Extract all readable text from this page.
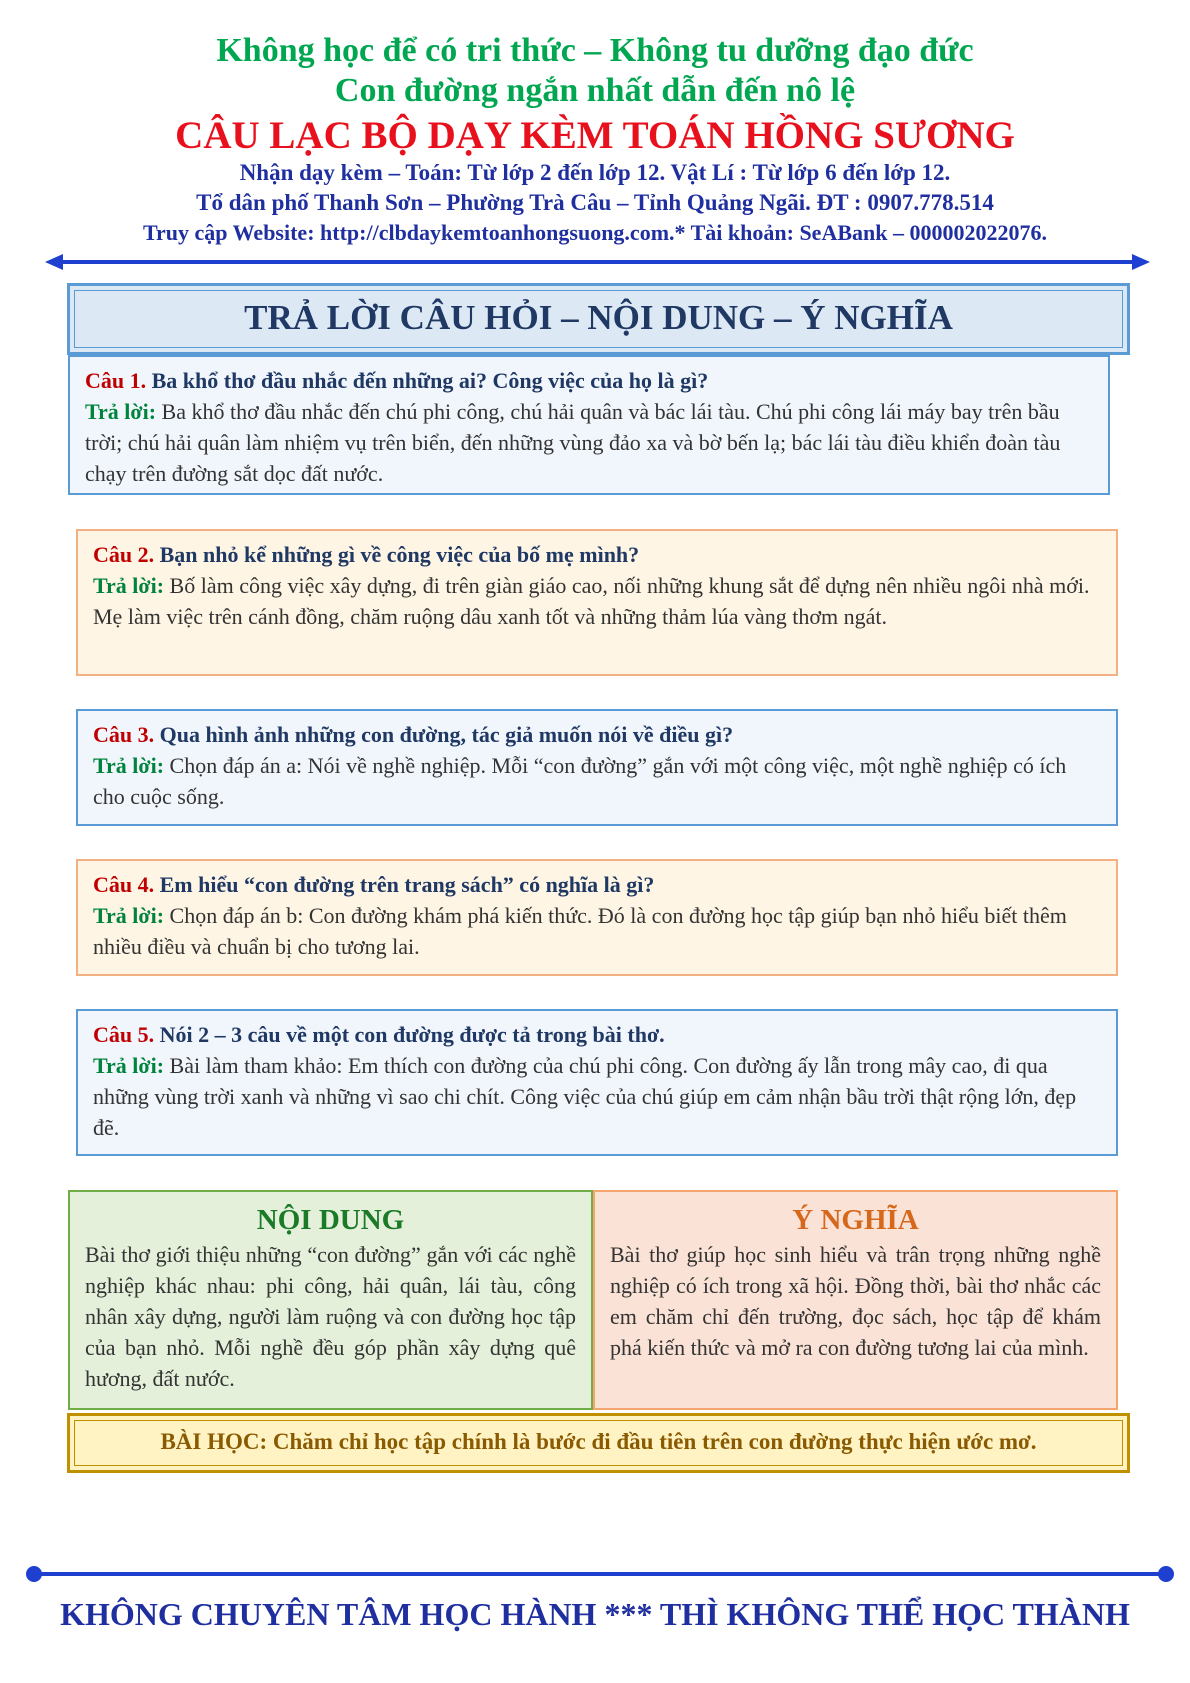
Không học để có tri thức – Không tu dưỡng đạo đức
Con đường ngắn nhất dẫn đến nô lệ
CÂU LẠC BỘ DẠY KÈM TOÁN HỒNG SƯƠNG
Nhận dạy kèm – Toán: Từ lớp 2 đến lớp 12. Vật Lí : Từ lớp 6 đến lớp 12.
Tổ dân phố Thanh Sơn – Phường Trà Câu – Tỉnh Quảng Ngãi. ĐT : 0907.778.514
Truy cập Website: http://clbdaykemtoanhongsuong.com.* Tài khoản: SeABank – 000002022076.
TRẢ LỜI CÂU HỎI – NỘI DUNG – Ý NGHĨA

Câu 1. Ba khổ thơ đầu nhắc đến những ai? Công việc của họ là gì?

Trả lời: Ba khổ thơ đầu nhắc đến chú phi công, chú hải quân và bác lái tàu. Chú phi công lái máy bay trên bầu trời; chú hải quân làm nhiệm vụ trên biển, đến những vùng đảo xa và bờ bến lạ; bác lái tàu điều khiển đoàn tàu chạy trên đường sắt dọc đất nước.

Câu 2. Bạn nhỏ kể những gì về công việc của bố mẹ mình?

Trả lời: Bố làm công việc xây dựng, đi trên giàn giáo cao, nối những khung sắt để dựng nên nhiều ngôi nhà mới. Mẹ làm việc trên cánh đồng, chăm ruộng dâu xanh tốt và những thảm lúa vàng thơm ngát.

Câu 3. Qua hình ảnh những con đường, tác giả muốn nói về điều gì?

Trả lời: Chọn đáp án a: Nói về nghề nghiệp. Mỗi “con đường” gắn với một công việc, một nghề nghiệp có ích cho cuộc sống.

Câu 4. Em hiểu “con đường trên trang sách” có nghĩa là gì?

Trả lời: Chọn đáp án b: Con đường khám phá kiến thức. Đó là con đường học tập giúp bạn nhỏ hiểu biết thêm nhiều điều và chuẩn bị cho tương lai.

Câu 5. Nói 2 – 3 câu về một con đường được tả trong bài thơ.

Trả lời: Bài làm tham khảo: Em thích con đường của chú phi công. Con đường ấy lẫn trong mây cao, đi qua những vùng trời xanh và những vì sao chi chít. Công việc của chú giúp em cảm nhận bầu trời thật rộng lớn, đẹp đẽ.

NỘI DUNG

Bài thơ giới thiệu những “con đường” gắn với các nghề nghiệp khác nhau: phi công, hải quân, lái tàu, công nhân xây dựng, người làm ruộng và con đường học tập của bạn nhỏ. Mỗi nghề đều góp phần xây dựng quê hương, đất nước.

Ý NGHĨA

Bài thơ giúp học sinh hiểu và trân trọng những nghề nghiệp có ích trong xã hội. Đồng thời, bài thơ nhắc các em chăm chỉ đến trường, đọc sách, học tập để khám phá kiến thức và mở ra con đường tương lai của mình.

BÀI HỌC: Chăm chỉ học tập chính là bước đi đầu tiên trên con đường thực hiện ước mơ.
KHÔNG CHUYÊN TÂM HỌC HÀNH *** THÌ KHÔNG THỂ HỌC THÀNH
